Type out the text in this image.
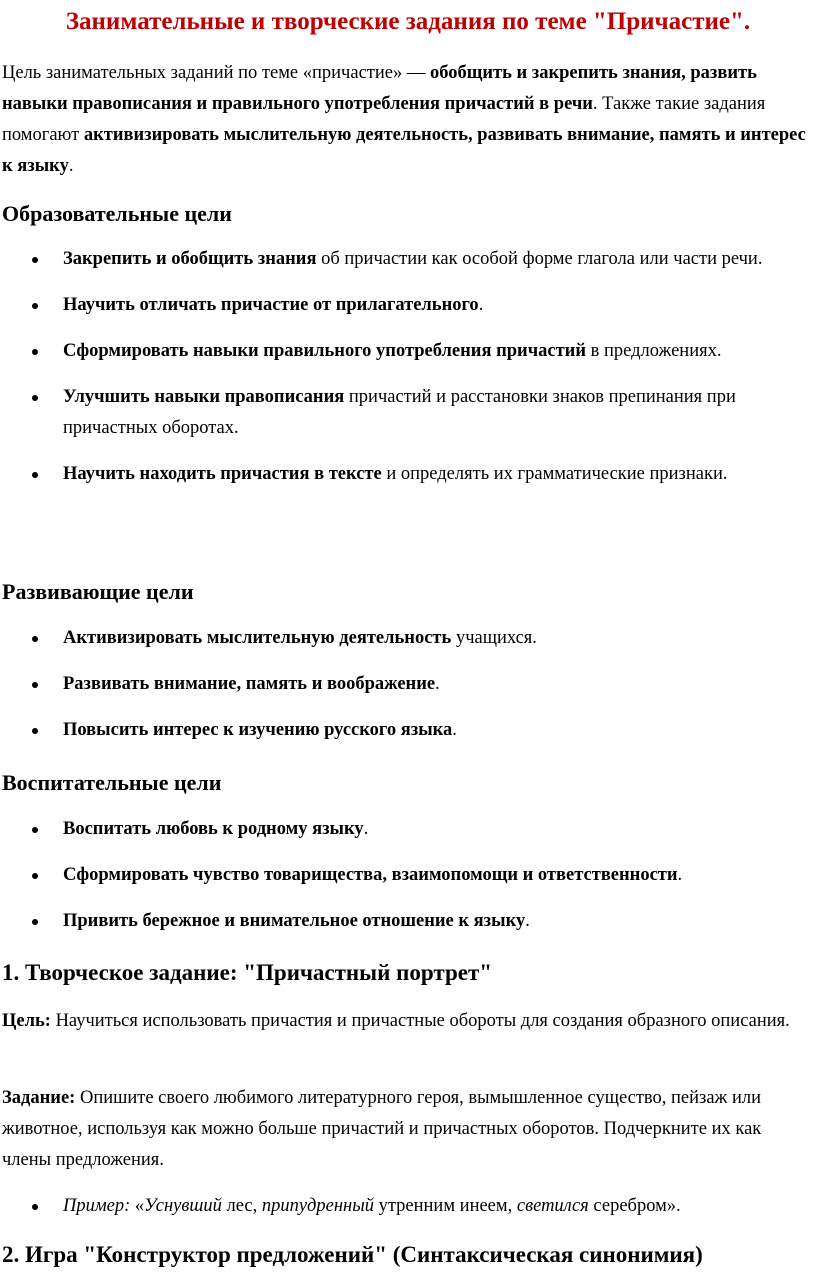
Занимательные и творческие задания по теме "Причастие".
Цель занимательных заданий по теме «причастие» — обобщить и закрепить знания, развить навыки правописания и правильного употребления причастий в речи. Также такие задания помогают активизировать мыслительную деятельность, развивать внимание, память и интерес к языку.
Образовательные цели
Закрепить и обобщить знания об причастии как особой форме глагола или части речи.
Научить отличать причастие от прилагательного.
Сформировать навыки правильного употребления причастий в предложениях.
Улучшить навыки правописания причастий и расстановки знаков препинания при причастных оборотах.
Научить находить причастия в тексте и определять их грамматические признаки.
Развивающие цели
Активизировать мыслительную деятельность учащихся.
Развивать внимание, память и воображение.
Повысить интерес к изучению русского языка.
Воспитательные цели
Воспитать любовь к родному языку.
Сформировать чувство товарищества, взаимопомощи и ответственности.
Привить бережное и внимательное отношение к языку.
1. Творческое задание: "Причастный портрет"
Цель: Научиться использовать причастия и причастные обороты для создания образного описания.
Задание: Опишите своего любимого литературного героя, вымышленное существо, пейзаж или животное, используя как можно больше причастий и причастных оборотов. Подчеркните их как члены предложения.
Пример: «Уснувший лес, припудренный утренним инеем, светился серебром».
2. Игра "Конструктор предложений" (Синтаксическая синонимия)
